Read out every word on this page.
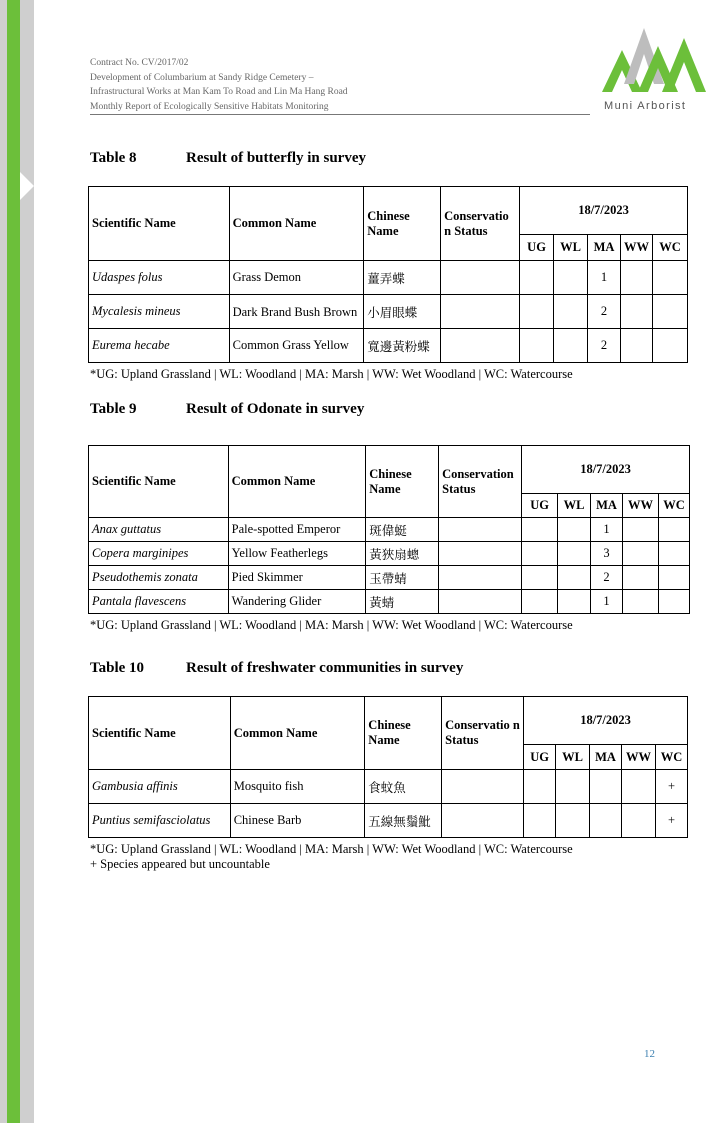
Contract No. CV/2017/02
Development of Columbarium at Sandy Ridge Cemetery –
Infrastructural Works at Man Kam To Road and Lin Ma Hang Road
Monthly Report of Ecologically Sensitive Habitats Monitoring	Muni Arborist
Table 8	Result of butterfly in survey
Scientific Name	Common Name	Chinese Name	Conservatio n Status	18/7/2023				
				UG	WL	MA	WW	WC
Udaspes folus	Grass Demon	薑弄蝶				1		
Mycalesis mineus	Dark Brand Bush Brown	小眉眼蝶				2		
Eurema hecabe	Common Grass Yellow	寬邊黃粉蝶				2		
*UG: Upland Grassland | WL: Woodland | MA: Marsh | WW: Wet Woodland | WC: Watercourse
Table 9	Result of Odonate in survey
Scientific Name	Common Name	Chinese Name	Conservation Status	18/7/2023				
				UG	WL	MA	WW	WC
Anax guttatus	Pale-spotted Emperor	斑偉蜓				1		
Copera marginipes	Yellow Featherlegs	黃狹扇蟌				3		
Pseudothemis zonata	Pied Skimmer	玉帶蜻				2		
Pantala flavescens	Wandering Glider	黃蜻				1		
*UG: Upland Grassland | WL: Woodland | MA: Marsh | WW: Wet Woodland | WC: Watercourse
Table 10	Result of freshwater communities in survey
Scientific Name	Common Name	Chinese Name	Conservatio n Status	18/7/2023				
				UG	WL	MA	WW	WC
Gambusia affinis	Mosquito fish	食蚊魚						+
Puntius semifasciolatus	Chinese Barb	五線無鬚魮						+
*UG: Upland Grassland | WL: Woodland | MA: Marsh | WW: Wet Woodland | WC: Watercourse
+ Species appeared but uncountable
12
